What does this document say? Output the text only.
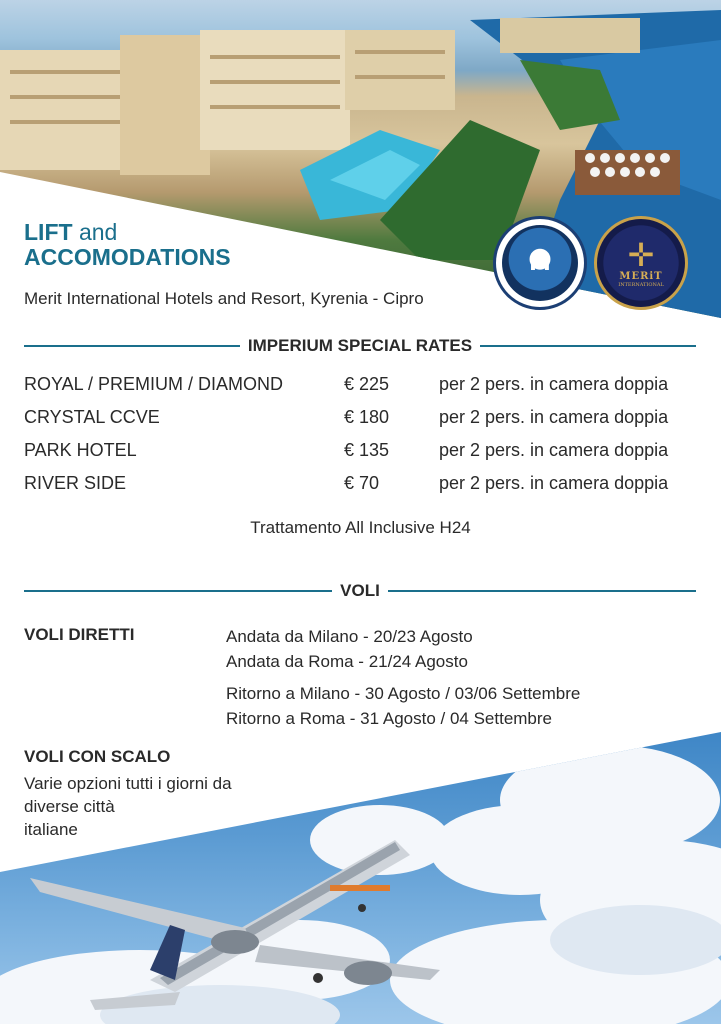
M ✛
MERiT
INTERNATIONAL
LIFT and
ACCOMODATIONS
Merit International Hotels and Resort, Kyrenia - Cipro
IMPERIUM SPECIAL RATES
ROYAL / PREMIUM / DIAMOND	€ 225	per 2 pers. in camera doppia
CRYSTAL CCVE	€ 180	per 2 pers. in camera doppia
PARK HOTEL	€ 135	per 2 pers. in camera doppia
RIVER SIDE	€ 70	per 2 pers. in camera doppia
Trattamento All Inclusive H24
VOLI
VOLI DIRETTI	Andata da Milano - 20/23 Agosto
Andata da Roma - 21/24 Agosto
Ritorno a Milano - 30 Agosto / 03/06 Settembre
Ritorno a Roma - 31 Agosto / 04 Settembre
VOLI CON SCALO
Varie opzioni tutti i giorni da
diverse città
italiane
